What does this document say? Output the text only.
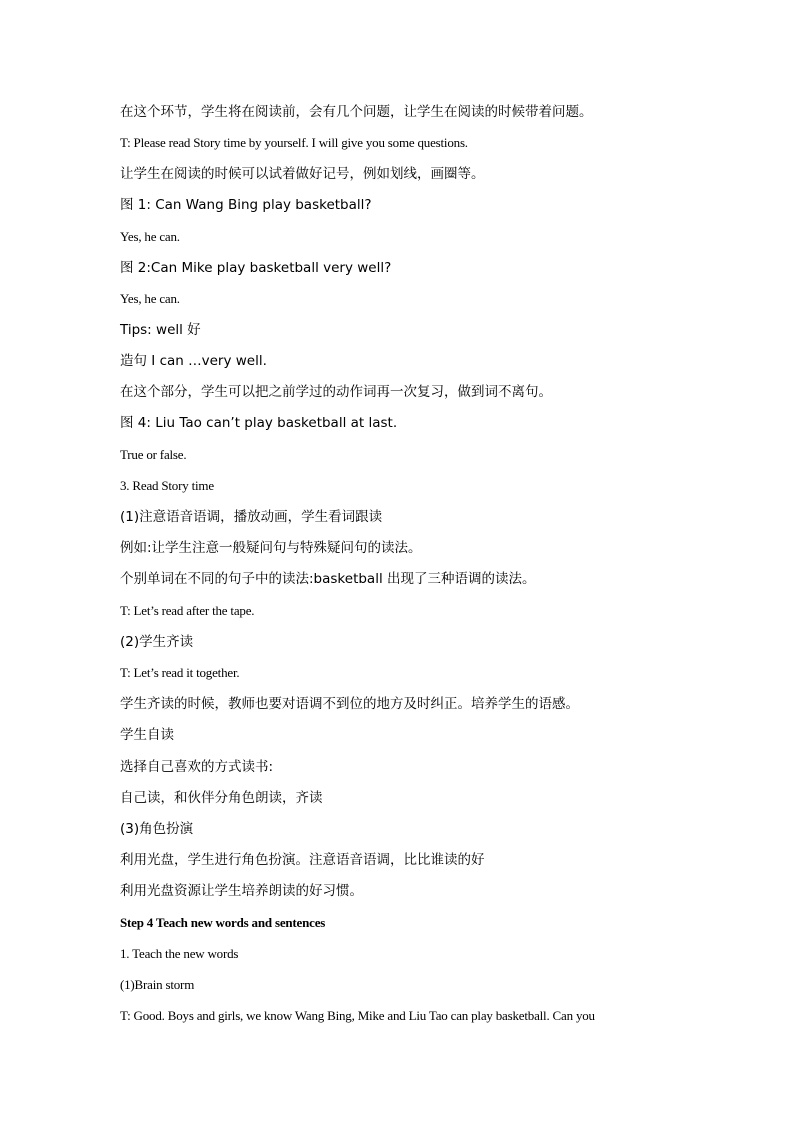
在这个环节，学生将在阅读前，会有几个问题，让学生在阅读的时候带着问题。
T: Please read Story time by yourself. I will give you some questions.
让学生在阅读的时候可以试着做好记号，例如划线，画圈等。
图 1: Can Wang Bing play basketball?
Yes, he can.
图 2:Can Mike play basketball very well?
Yes, he can.
Tips: well 好
造句 I can …very well.
在这个部分，学生可以把之前学过的动作词再一次复习，做到词不离句。
图 4: Liu Tao can’t play basketball at last.
True or false.
3. Read Story time
(1)注意语音语调，播放动画，学生看词跟读
例如:让学生注意一般疑问句与特殊疑问句的读法。
个别单词在不同的句子中的读法:basketball 出现了三种语调的读法。
T: Let’s read after the tape.
(2)学生齐读
T: Let’s read it together.
学生齐读的时候，教师也要对语调不到位的地方及时纠正。培养学生的语感。
学生自读
选择自己喜欢的方式读书:
自己读，和伙伴分角色朗读，齐读
(3)角色扮演
利用光盘，学生进行角色扮演。注意语音语调，比比谁读的好
利用光盘资源让学生培养朗读的好习惯。
Step 4 Teach new words and sentences
1. Teach the new words
(1)Brain storm
T: Good. Boys and girls, we know Wang Bing, Mike and Liu Tao can play basketball. Can you
